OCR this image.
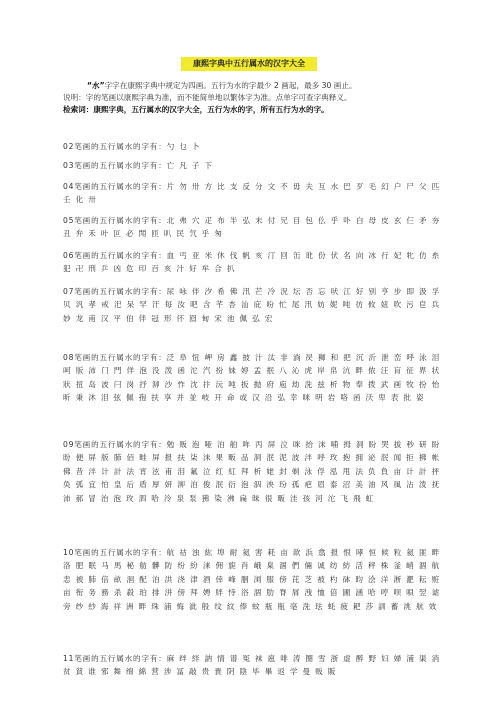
康熙字典中五行属水的汉字大全

“水”字字在康熙字典中规定为四画。五行为水的字最少 2 画起，最多 30 画止。

说明：字的笔画以康熙字典为准，而不能简单地以繁体字为准。点单字可查字典释义。

检索词：康熙字典，五行属水的汉字大全，五行为水的字，所有五行为水的字。

02笔画的五行属水的字有：勺 乜 卜
03笔画的五行属水的字有：亡 凡 子 下
04笔画的五行属水的字有：片 勿 卅 方 比 支 反 分 文 不 毋 夫 互 水 巴 歹 毛 幻 户 尸 父 匹 壬 化 卅
05笔画的五行属水的字有：北 弗 穴 疋 布 半 弘 末 付 兄 目 包 仫 乎 卟 白 母 皮 玄 仨 矛 夯 丑 弁 禾 叶 叵 必 閗 匝 叭 民 氕 乎 匆
06笔画的五行属水的字有：血 丐 亚 米 休 伐 帆 亥 汀 回 缶 讹 份 伏 名 向 冰 行 妃 牝 仿 糸 犯 卍 刑 乒 凶 危 印 百 亥 汁 好 牟 合 扒
07笔画的五行属水的字有：尿 咏 伴 汐 希 佛 汛 芒 冷 況 坛 否 忘 吠 江 好 别 亨 步 即 汲 孚 贝 汎 孝 戒 汜 呆 罕 汗 每 汝 吧 含 芊 杏 汕 庇 吩 忙 尾 汛 妨 妮 吨 彷 攸 妞 吹 污 皀 兵 妙 龙 甫 汉 平 伯 伴 冠 形 伓 囵 甸 宋 池 佩 弘 宏
08笔画的五行属水的字有：泛 阜 忸 岬 房 鑫 披 汁 汰 非 淌 昃 狮 和 把 沉 沂 泄 峦 呼 泳 泪 呵 版 沛 门 門 佯 泡 没 泼 函 沱 汽 扮 妹 婷 孟 抿 八 沁 虎 岸 帛 沆 畔 侬 汪 肓 征 界 状 狀 扭 岛 波 闩 岗 抒 泖 沙 怍 沈 抃 沅 吨 扳 抛 府 庖 劫 洗 兹 析 物 奉 拨 武 画 牧 扮 怡 昕 秉 沐 泪 弦 佩 孢 扶 享 并 並 岐 开 命 或 汉 沿 弘 幸 咪 明 岩 咯 函 沃 卑 表 批 姿
09笔画的五行属水的字有：勉 贩 泡 哑 泊 舶 哖 丙 屏 泣 咪 抬 沫 哺 拇 洞 盼 哭 拔 秒 研 盼 昐 便 屏 版 肺 佰 畦 屏 报 扶 柒 沫 果 畈 品 洞 泯 泥 波 泮 呼 玫 抱 拥 泌 泯 闻 拒 拂 帐 佛 昔 泮 计 計 法 宵 泫 甫 泪 氟 泣 红 紅 拜 析 姥 封 剃 泳 俘 泓 甩 法 负 負 亩 计 計 抨 奂 弧 宜 怕 皇 后 盾 厚 妍 泖 泊 俊 泯 衍 泡 泅 泱 玢 孤 疤 眉 泰 沼 美 油 风 風 沾 泼 抚 沛 郝 冒 治 泡 玫 泗 哈 泠 泉 泵 狒 染 沸 扁 昧 很 畈 洼 孩 河 沱 飞 飛 虹
10笔画的五行属水的字有：航 祜 浊 紘 埠 耐 氦 害 耗 亩 歆 浜 翕 报 恨 哮 恒 候 粒 氦 匪 畔 洛 肥 眠 马 馬 秘 舫 髒 防 纷 紛 涞 佣 旎 肖 峨 臬 涸 們 倆 诚 纺 紡 活 秤 株 釜 峭 涸 航 恚 被 肺 倍 畝 洄 配 泊 洪 浇 津 酒 倖 峰 胭 浏 服 傍 芘 芝 被 杓 砵 昀 浍 洋 淅 淝 耘 赃 亩 衔 务 務 杀 殺 珀 排 洴 傍 拜 娉 牉 恃 浴 涸 肋 脊 屑 洩 恤 倍 圃 涵 哈 哼 呗 唄 翌 谑 旁 纱 紗 海 祥 洲 畔 珠 浦 悔 泚 般 纹 紋 俸 蚊 瓶 瓶 亳 洗 珐 蚝 疲 耙 莎 訓 蓄 洮 航 效
11笔画的五行属水的字有：麻 绊 絆 訥 情 谱 冤 袜 扈 啡 涛 圈 雪 浙 虚 醉 野 妇 婦 浦 渠 消 贫 貧 谁 邪 舞 绵 綿 营 涉 冨 敲 贵 貴 阴 陰 毕 畢 返 学 曼 贩 販
